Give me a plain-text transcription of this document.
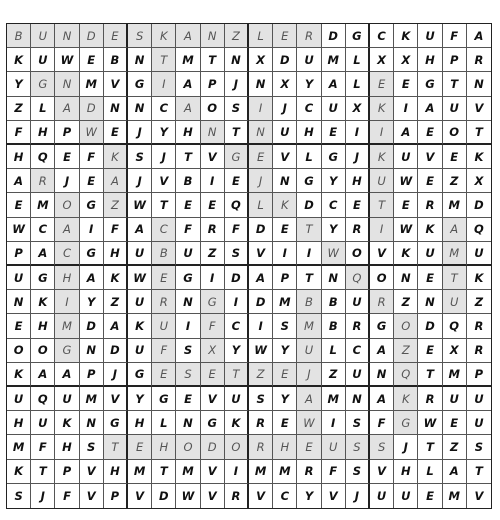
B	U	N	D	E	S	K	A	N	Z	L	E	R	D	G	C	K	U	F	A
K	U	W	E	B	N	T	M	T	N	X	D	U	M	L	X	X	H	P	R
Y	G	N	M	V	G	I	A	P	J	N	X	Y	A	L	E	E	G	T	N
Z	L	A	D	N	N	C	A	O	S	I	J	C	U	X	K	I	A	U	V
F	H	P	W	E	J	Y	H	N	T	N	U	H	E	I	I	A	E	O	T
H	Q	E	F	K	S	J	T	V	G	E	V	L	G	J	K	U	V	E	K
A	R	J	E	A	J	V	B	I	E	J	N	G	Y	H	U	W	E	Z	X
E	M	O	G	Z	W	T	E	E	Q	L	K	D	C	E	T	E	R	M	D
W	C	A	I	F	A	C	F	R	F	D	E	T	Y	R	I	W	K	A	Q
P	A	C	G	H	U	B	U	Z	S	V	I	I	W	O	V	K	U	M	U
U	G	H	A	K	W	E	G	I	D	A	P	T	N	Q	O	N	E	T	K
N	K	I	Y	Z	U	R	N	G	I	D	M	B	B	U	R	Z	N	U	Z
E	H	M	D	A	K	U	I	F	C	I	S	M	B	R	G	O	D	Q	R
O	O	G	N	D	U	F	S	X	Y	W	Y	U	L	C	A	Z	E	X	R
K	A	A	P	J	G	E	S	E	T	Z	E	J	Z	U	N	Q	T	M	P
U	Q	U	M	V	Y	G	E	V	U	S	Y	A	M	N	A	K	R	U	U
H	U	K	N	G	H	L	N	G	K	R	E	W	I	S	F	G	W	E	U
M	F	H	S	T	E	H	O	D	O	R	H	E	U	S	S	J	T	Z	S
K	T	P	V	H	M	T	M	V	I	M	M	R	F	S	V	H	L	A	T
S	J	F	V	P	V	D	W	V	R	V	C	Y	V	J	U	U	E	M	V
